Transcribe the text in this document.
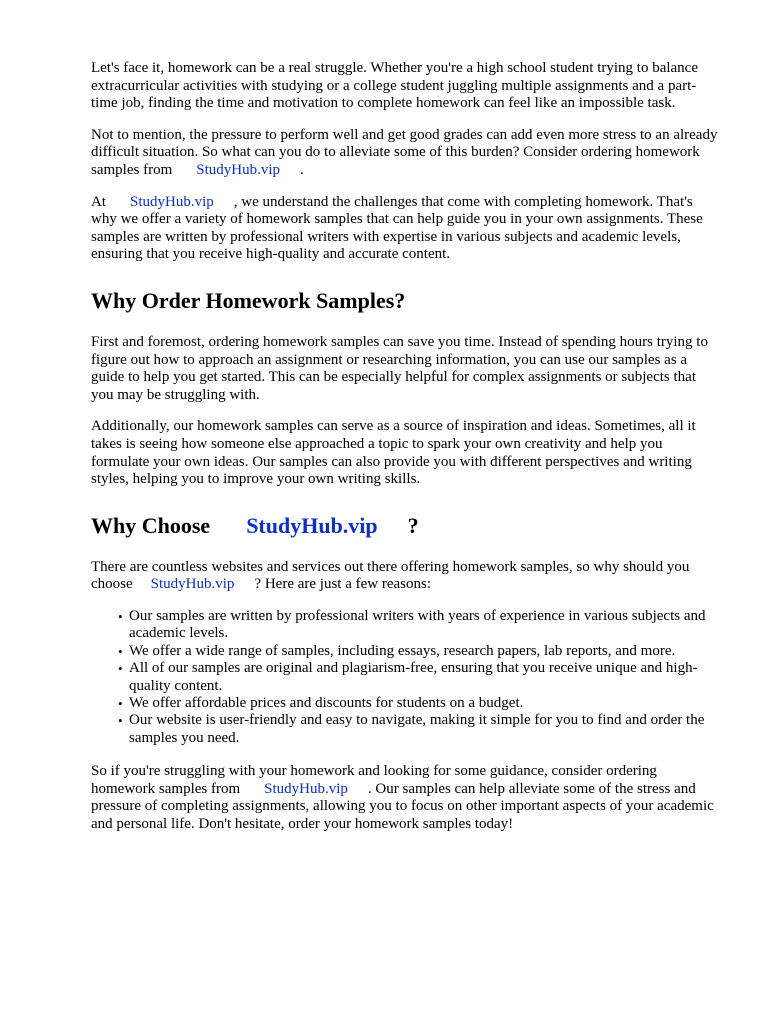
Let's face it, homework can be a real struggle. Whether you're a high school student trying to balance extracurricular activities with studying or a college student juggling multiple assignments and a part-time job, finding the time and motivation to complete homework can feel like an impossible task.

Not to mention, the pressure to perform well and get good grades can add even more stress to an already difficult situation. So what can you do to alleviate some of this burden? Consider ordering homework samples from StudyHub.vip .

At StudyHub.vip , we understand the challenges that come with completing homework. That's why we offer a variety of homework samples that can help guide you in your own assignments. These samples are written by professional writers with expertise in various subjects and academic levels, ensuring that you receive high-quality and accurate content.

Why Order Homework Samples?

First and foremost, ordering homework samples can save you time. Instead of spending hours trying to figure out how to approach an assignment or researching information, you can use our samples as a guide to help you get started. This can be especially helpful for complex assignments or subjects that you may be struggling with.

Additionally, our homework samples can serve as a source of inspiration and ideas. Sometimes, all it takes is seeing how someone else approached a topic to spark your own creativity and help you formulate your own ideas. Our samples can also provide you with different perspectives and writing styles, helping you to improve your own writing skills.

Why Choose StudyHub.vip ?

There are countless websites and services out there offering homework samples, so why should you choose StudyHub.vip ? Here are just a few reasons:

• Our samples are written by professional writers with years of experience in various subjects and academic levels.
• We offer a wide range of samples, including essays, research papers, lab reports, and more.
• All of our samples are original and plagiarism-free, ensuring that you receive unique and high-quality content.
• We offer affordable prices and discounts for students on a budget.
• Our website is user-friendly and easy to navigate, making it simple for you to find and order the samples you need.

So if you're struggling with your homework and looking for some guidance, consider ordering homework samples from StudyHub.vip . Our samples can help alleviate some of the stress and pressure of completing assignments, allowing you to focus on other important aspects of your academic and personal life. Don't hesitate, order your homework samples today!
